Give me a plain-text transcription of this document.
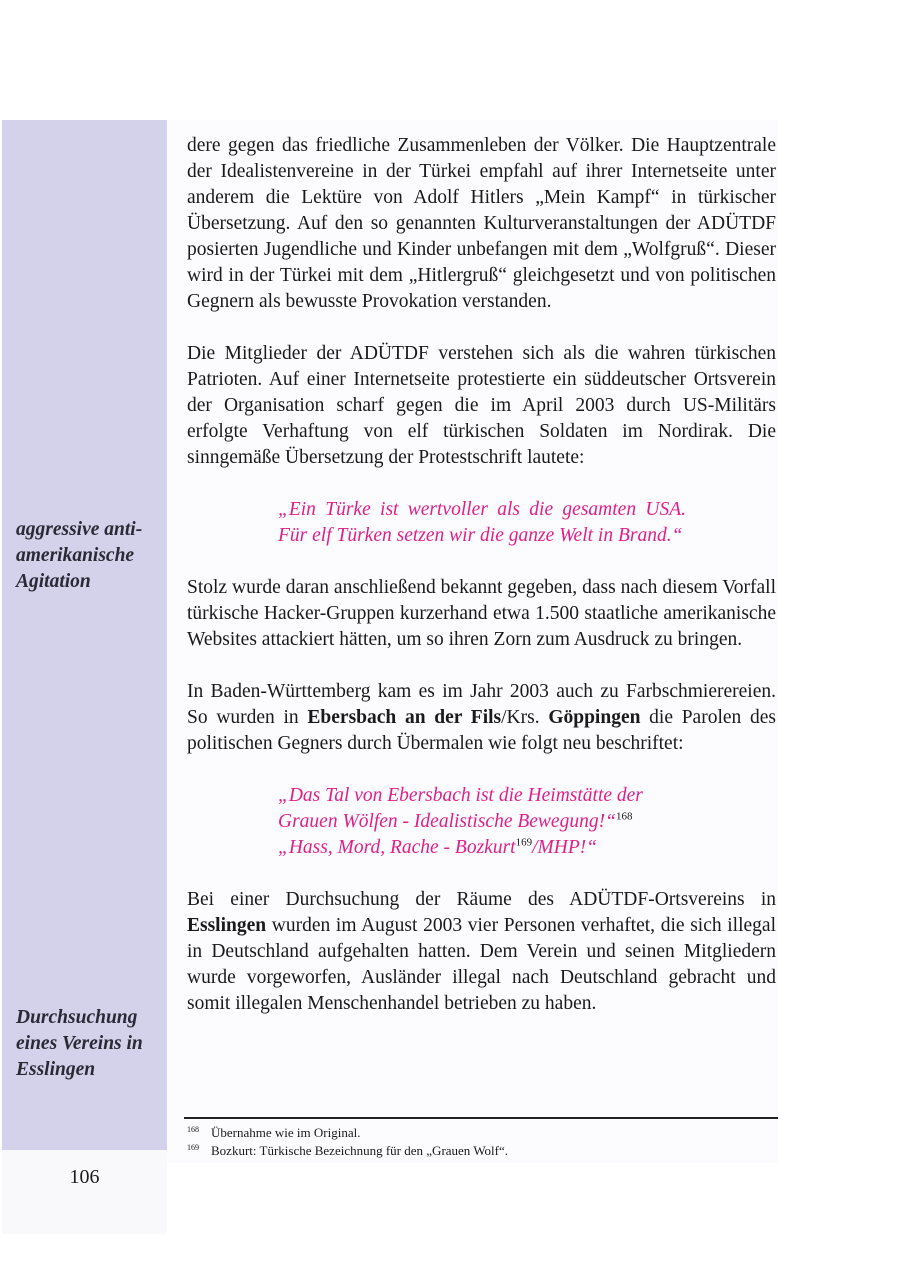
aggressive anti-
amerikanische
Agitation
Durchsuchung
eines Vereins in
Esslingen

dere gegen das friedliche Zusammenleben der Völker. Die Hauptzentrale der Idealistenvereine in der Türkei empfahl auf ihrer Internetseite unter anderem die Lektüre von Adolf Hitlers „Mein Kampf“ in türkischer Übersetzung. Auf den so genannten Kulturveranstaltungen der ADÜTDF posierten Jugendliche und Kinder unbefangen mit dem „Wolfgruß“. Dieser wird in der Türkei mit dem „Hitlergruß“ gleichgesetzt und von politischen Gegnern als bewusste Provokation verstanden.

Die Mitglieder der ADÜTDF verstehen sich als die wahren türkischen Patrioten. Auf einer Internetseite protestierte ein süddeutscher Ortsverein der Organisation scharf gegen die im April 2003 durch US-Militärs erfolgte Verhaftung von elf türkischen Soldaten im Nordirak. Die sinngemäße Übersetzung der Protestschrift lautete:

„Ein Türke ist wertvoller als die gesamten USA. Für elf Türken setzen wir die ganze Welt in Brand.“

Stolz wurde daran anschließend bekannt gegeben, dass nach diesem Vorfall türkische Hacker-Gruppen kurzerhand etwa 1.500 staatliche amerikanische Websites attackiert hätten, um so ihren Zorn zum Ausdruck zu bringen.

In Baden-Württemberg kam es im Jahr 2003 auch zu Farbschmierereien. So wurden in Ebersbach an der Fils/Krs. Göppingen die Parolen des politischen Gegners durch Übermalen wie folgt neu beschriftet:

„Das Tal von Ebersbach ist die Heimstätte der
Grauen Wölfen - Idealistische Bewegung!“$^{168}$
„Hass, Mord, Rache - Bozkurt$^{169}$/MHP!“

Bei einer Durchsuchung der Räume des ADÜTDF-Ortsvereins in Esslingen wurden im August 2003 vier Personen verhaftet, die sich illegal in Deutschland aufgehalten hatten. Dem Verein und seinen Mitgliedern wurde vorgeworfen, Ausländer illegal nach Deutschland gebracht und somit illegalen Menschenhandel betrieben zu haben.

168 Übernahme wie im Original.
169 Bozkurt: Türkische Bezeichnung für den „Grauen Wolf“.
106
